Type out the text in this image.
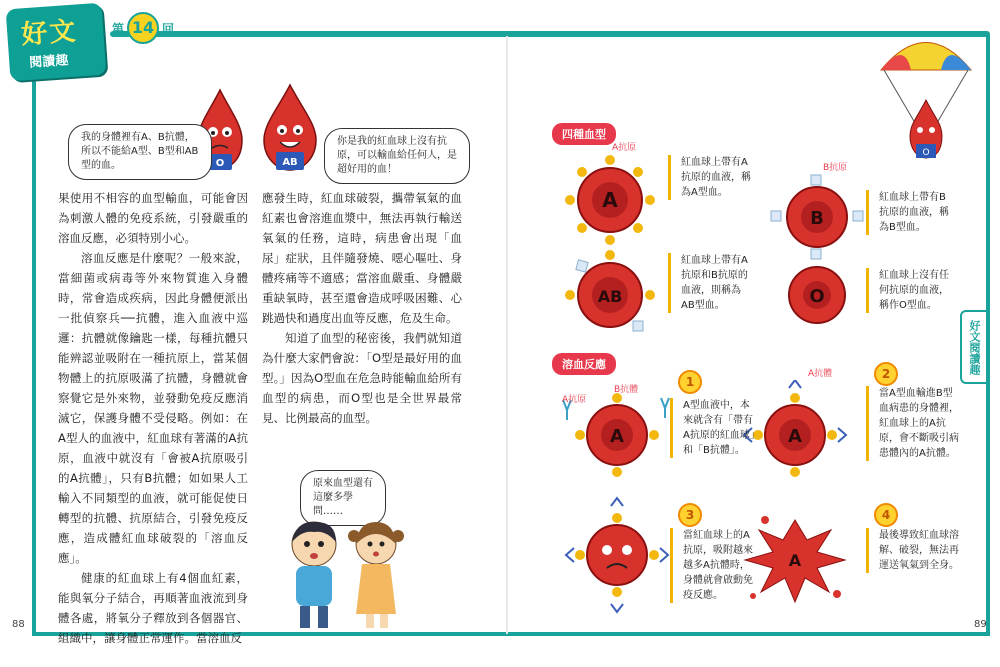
好文
閱讀趣
第 14 回
好文閱讀趣
O	AB
我的身體裡有A、B抗體，所以不能給A型、B型和AB型的血。
你是我的紅血球上沒有抗原，可以輸血給任何人，是超好用的血！

果使用不相容的血型輸血，可能會因為刺激人體的免疫系統，引發嚴重的溶血反應，必須特別小心。

溶血反應是什麼呢？一般來說，當細菌或病毒等外來物質進入身體時，常會造成疾病，因此身體便派出一批偵察兵──抗體，進入血液中巡邏：抗體就像鑰匙一樣，每種抗體只能辨認並吸附在一種抗原上，當某個物體上的抗原吸滿了抗體，身體就會察覺它是外來物，並發動免疫反應消滅它，保護身體不受侵略。例如：在A型人的血液中，紅血球有著滿的A抗原，血液中就沒有「會被A抗原吸引的A抗體」，只有B抗體；如如果人工輸入不同類型的血液，就可能促使日轉型的抗體、抗原結合，引發免疫反應，造成體紅血球破裂的「溶血反應」。

健康的紅血球上有4個血紅素，能與氧分子結合，再順著血液流到身體各處，將氧分子釋放到各個器官、組織中，讓身體正常運作。當溶血反

應發生時，紅血球破裂，攜帶氧氣的血紅素也會溶進血漿中，無法再執行輸送氧氣的任務，這時，病患會出現「血尿」症狀，且伴隨發燒、噁心嘔吐、身體疼痛等不適感；當溶血嚴重、身體嚴重缺氧時，甚至還會造成呼吸困難、心跳過快和過度出血等反應，危及生命。

知道了血型的秘密後，我們就知道為什麼大家們會說：「O型是最好用的血型。」因為O型血在危急時能輸血給所有血型的病患，而O型也是全世界最常見、比例最高的血型。

原來血型還有這麼多學問……
88	89
O
四種血型
溶血反應
A
AB
B
O
A抗原
B抗原
紅血球上帶有A抗原的血液，稱為A型血。
紅血球上帶有A抗原和B抗原的血液，則稱為AB型血。
紅血球上帶有B抗原的血液，稱為B型血。
紅血球上沒有任何抗原的血液，稱作O型血。
A	A
A
A抗原
B抗體
A抗體
1
A型血液中，本來就含有「帶有A抗原的紅血球」和「B抗體」。
2
當A型血輸進B型血病患的身體裡，紅血球上的A抗原，會不斷吸引病患體內的A抗體。
3
當紅血球上的A抗原，吸附越來越多A抗體時，身體就會啟動免疫反應。
4
最後導致紅血球溶解、破裂，無法再運送氧氣到全身。
